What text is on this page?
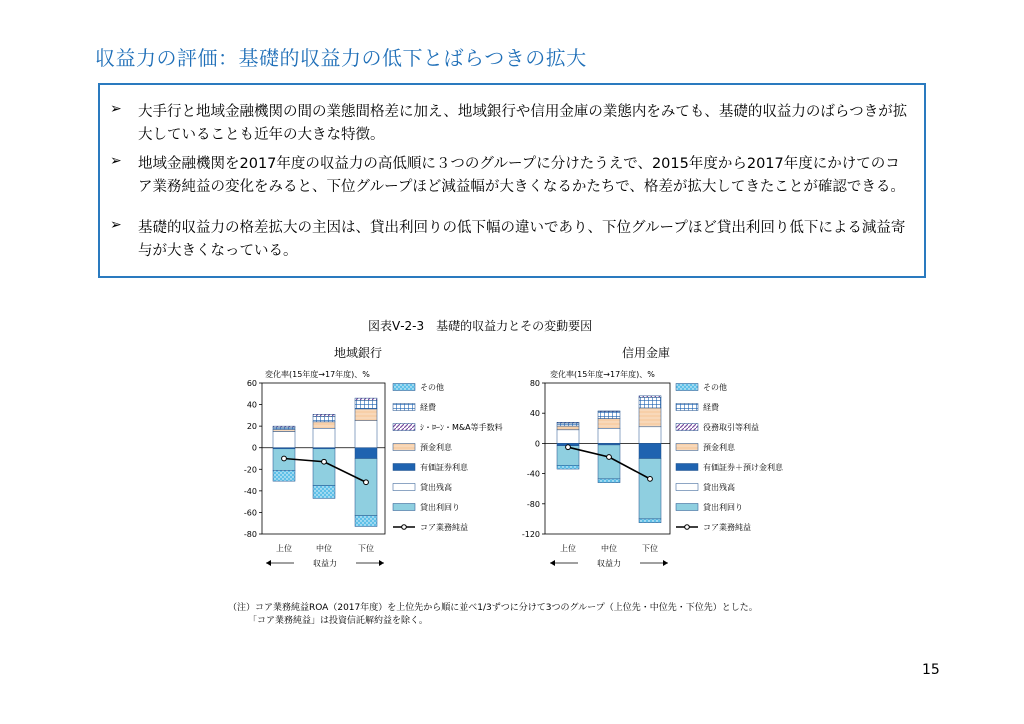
収益力の評価：基礎的収益力の低下とばらつきの拡大
➢ 大手行と地域金融機関の間の業態間格差に加え、地域銀行や信用金庫の業態内をみても、基礎的収益力のばらつきが拡大していることも近年の大きな特徴。
➢ 地域金融機関を2017年度の収益力の高低順に３つのグループに分けたうえで、2015年度から2017年度にかけてのコア業務純益の変化をみると、下位グループほど減益幅が大きくなるかたちで、格差が拡大してきたことが確認できる。
➢ 基礎的収益力の格差拡大の主因は、貸出利回りの低下幅の違いであり、下位グループほど貸出利回り低下による減益寄与が大きくなっている。
図表Ⅴ-2-3　基礎的収益力とその変動要因
地域銀行	信用金庫
変化率(15年度→17年度)、%
60
40
20
0
-20
-40
-60
-80
上位	中位	下位
収益力
その他
経費
ｼ・ﾛｰﾝ・M&A等手数料
預金利息
有価証券利息
貸出残高
貸出利回り
コア業務純益
変化率(15年度→17年度)、%
80
40
0
-40
-80
-120
上位	中位	下位
収益力
その他
経費
役務取引等利益
預金利息
有価証券＋預け金利息
貸出残高
貸出利回り
コア業務純益
（注）コア業務純益ROA（2017年度）を上位先から順に並べ1/3ずつに分けて3つのグループ（上位先・中位先・下位先）とした。
「コア業務純益」は投資信託解約益を除く。
15
